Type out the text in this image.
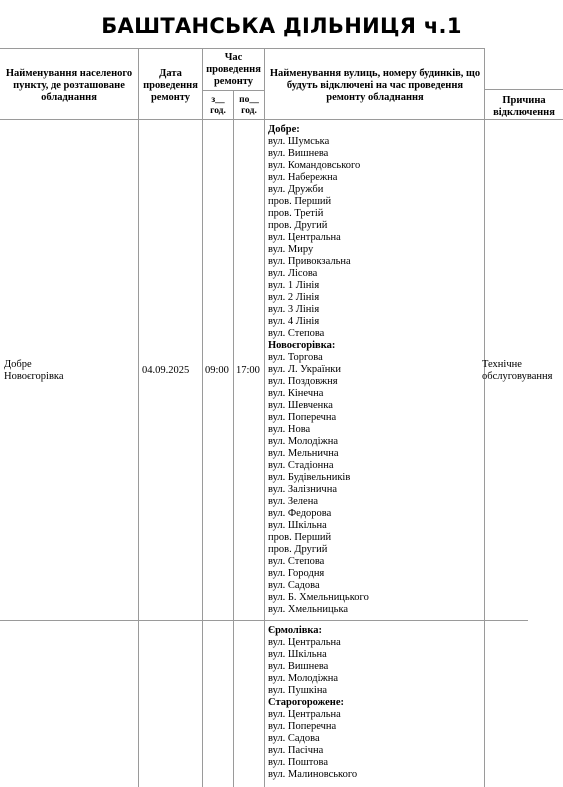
БАШТАНСЬКА ДІЛЬНИЦЯ ч.1
Найменування населеного пункту, де розташоване обладнання
Дата проведення ремонту
Час проведення ремонту
з__ год.
по__ год.
Найменування вулиць, номеру будинків, що будуть відключені на час проведення ремонту обладнання	Причина відключення
Добре
Новоєгорівка
04.09.2025 09:00 17:00
Технічне обслуговування
Добре:
вул. Шумська
вул. Вишнева
вул. Командовського
вул. Набережна
вул. Дружби
пров. Перший
пров. Третій
пров. Другий
вул. Центральна
вул. Миру
вул. Привокзальна
вул. Лісова
вул. 1 Лінія
вул. 2 Лінія
вул. 3 Лінія
вул. 4 Лінія
вул. Степова
Новоєгорівка:
вул. Торгова
вул. Л. Українки
вул. Поздовжня
вул. Кінечна
вул. Шевченка
вул. Поперечна
вул. Нова
вул. Молодіжна
вул. Мельнична
вул. Стадіонна
вул. Будівельників
вул. Залізнична
вул. Зелена
вул. Федорова
вул. Шкільна
пров. Перший
пров. Другий
вул. Степова
вул. Городня
вул. Садова
вул. Б. Хмельницького
вул. Хмельницька
Єрмолівка:
вул. Центральна
вул. Шкільна
вул. Вишнева
вул. Молодіжна
вул. Пушкіна
Старогороженe:
вул. Центральна
вул. Поперечна
вул. Садова
вул. Пасічна
вул. Поштова
вул. Малиновського
